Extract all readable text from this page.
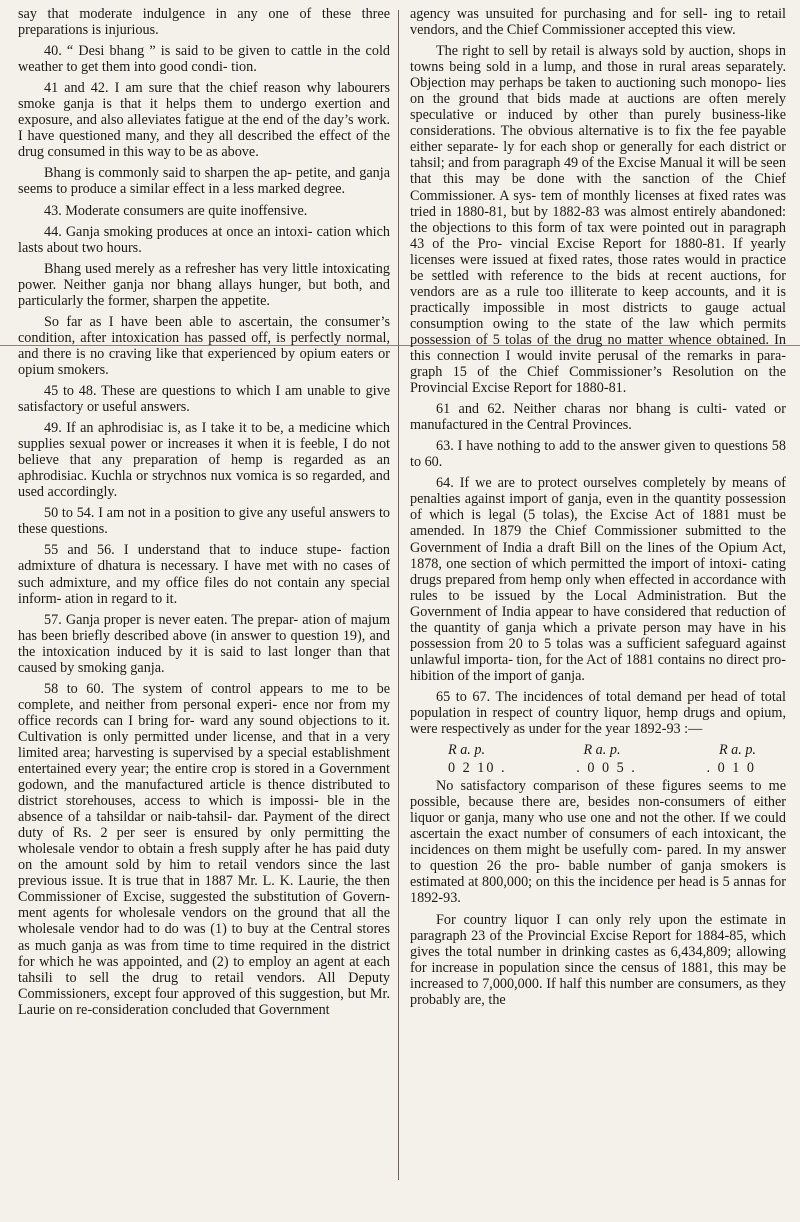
say that moderate indulgence in any one of these three preparations is injurious.

40. “ Desi bhang ” is said to be given to cattle in the cold weather to get them into good condi- tion.

41 and 42. I am sure that the chief reason why labourers smoke ganja is that it helps them to undergo exertion and exposure, and also alleviates fatigue at the end of the day’s work. I have questioned many, and they all described the effect of the drug consumed in this way to be as above.

Bhang is commonly said to sharpen the ap- petite, and ganja seems to produce a similar effect in a less marked degree.

43. Moderate consumers are quite inoffensive.

44. Ganja smoking produces at once an intoxi- cation which lasts about two hours.

Bhang used merely as a refresher has very little intoxicating power. Neither ganja nor bhang allays hunger, but both, and particularly the former, sharpen the appetite.

So far as I have been able to ascertain, the consumer’s condition, after intoxication has passed off, is perfectly normal, and there is no craving like that experienced by opium eaters or opium smokers.

45 to 48. These are questions to which I am unable to give satisfactory or useful answers.

49. If an aphrodisiac is, as I take it to be, a medicine which supplies sexual power or increases it when it is feeble, I do not believe that any preparation of hemp is regarded as an aphrodisiac. Kuchla or strychnos nux vomica is so regarded, and used accordingly.

50 to 54. I am not in a position to give any useful answers to these questions.

55 and 56. I understand that to induce stupe- faction admixture of dhatura is necessary. I have met with no cases of such admixture, and my office files do not contain any special inform- ation in regard to it.

57. Ganja proper is never eaten. The prepar- ation of majum has been briefly described above (in answer to question 19), and the intoxication induced by it is said to last longer than that caused by smoking ganja.

58 to 60. The system of control appears to me to be complete, and neither from personal experi- ence nor from my office records can I bring for- ward any sound objections to it. Cultivation is only permitted under license, and that in a very limited area; harvesting is supervised by a special establishment entertained every year; the entire crop is stored in a Government godown, and the manufactured article is thence distributed to district storehouses, access to which is impossi- ble in the absence of a tahsildar or naib-tahsil- dar. Payment of the direct duty of Rs. 2 per seer is ensured by only permitting the wholesale vendor to obtain a fresh supply after he has paid duty on the amount sold by him to retail vendors since the last previous issue. It is true that in 1887 Mr. L. K. Laurie, the then Commissioner of Excise, suggested the substitution of Govern- ment agents for wholesale vendors on the ground that all the wholesale vendor had to do was (1) to buy at the Central stores as much ganja as was from time to time required in the district for which he was appointed, and (2) to employ an agent at each tahsili to sell the drug to retail vendors. All Deputy Commissioners, except four approved of this suggestion, but Mr. Laurie on re-consideration concluded that Government

agency was unsuited for purchasing and for sell- ing to retail vendors, and the Chief Commissioner accepted this view.

The right to sell by retail is always sold by auction, shops in towns being sold in a lump, and those in rural areas separately. Objection may perhaps be taken to auctioning such monopo- lies on the ground that bids made at auctions are often merely speculative or induced by other than purely business-like considerations. The obvious alternative is to fix the fee payable either separate- ly for each shop or generally for each district or tahsil; and from paragraph 49 of the Excise Manual it will be seen that this may be done with the sanction of the Chief Commissioner. A sys- tem of monthly licenses at fixed rates was tried in 1880-81, but by 1882-83 was almost entirely abandoned: the objections to this form of tax were pointed out in paragraph 43 of the Pro- vincial Excise Report for 1880-81. If yearly licenses were issued at fixed rates, those rates would in practice be settled with reference to the bids at recent auctions, for vendors are as a rule too illiterate to keep accounts, and it is practically impossible in most districts to gauge actual consumption owing to the state of the law which permits possession of 5 tolas of the drug no matter whence obtained. In this connection I would invite perusal of the remarks in para- graph 15 of the Chief Commissioner’s Resolution on the Provincial Excise Report for 1880-81.

61 and 62. Neither charas nor bhang is culti- vated or manufactured in the Central Provinces.

63. I have nothing to add to the answer given to questions 58 to 60.

64. If we are to protect ourselves completely by means of penalties against import of ganja, even in the quantity possession of which is legal (5 tolas), the Excise Act of 1881 must be amended. In 1879 the Chief Commissioner submitted to the Government of India a draft Bill on the lines of the Opium Act, 1878, one section of which permitted the import of intoxi- cating drugs prepared from hemp only when effected in accordance with rules to be issued by the Local Administration. But the Government of India appear to have considered that reduction of the quantity of ganja which a private person may have in his possession from 20 to 5 tolas was a sufficient safeguard against unlawful importa- tion, for the Act of 1881 contains no direct pro- hibition of the import of ganja.

65 to 67. The incidences of total demand per head of total population in respect of country liquor, hemp drugs and opium, were respectively as under for the year 1892-93 :—

R a. p.	R a. p.	R a. p.
0 2 10 .	. 0 0 5 .	. 0 1 0

No satisfactory comparison of these figures seems to me possible, because there are, besides non-consumers of either liquor or ganja, many who use one and not the other. If we could ascertain the exact number of consumers of each intoxicant, the incidences on them might be usefully com- pared. In my answer to question 26 the pro- bable number of ganja smokers is estimated at 800,000; on this the incidence per head is 5 annas for 1892-93.

For country liquor I can only rely upon the estimate in paragraph 23 of the Provincial Excise Report for 1884-85, which gives the total number in drinking castes as 6,434,809; allowing for increase in population since the census of 1881, this may be increased to 7,000,000. If half this number are consumers, as they probably are, the
